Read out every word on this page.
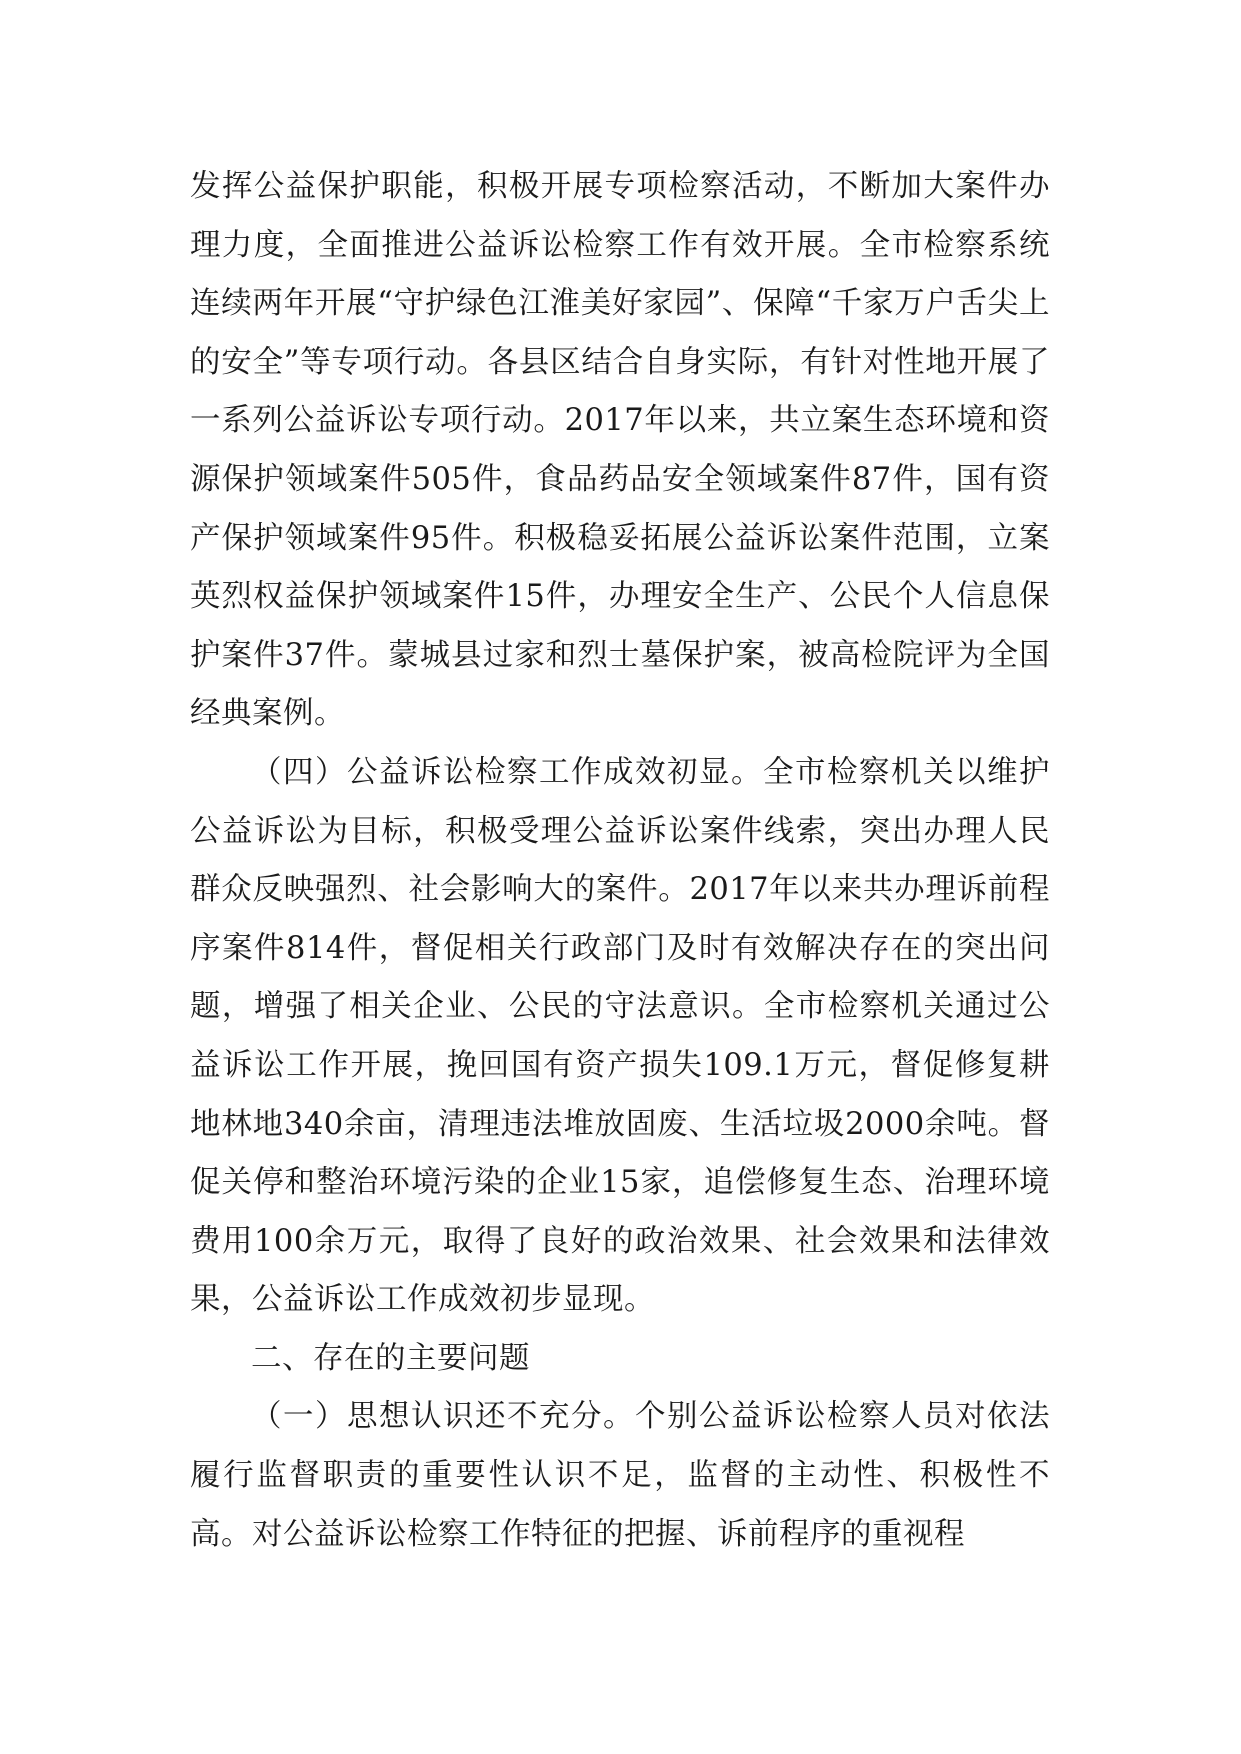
发挥公益保护职能，积极开展专项检察活动，不断加大案件办理力度，全面推进公益诉讼检察工作有效开展。全市检察系统连续两年开展“守护绿色江淮美好家园”、保障“千家万户舌尖上的安全”等专项行动。各县区结合自身实际，有针对性地开展了一系列公益诉讼专项行动。2017年以来，共立案生态环境和资源保护领域案件505件，食品药品安全领域案件87件，国有资产保护领域案件95件。积极稳妥拓展公益诉讼案件范围，立案英烈权益保护领域案件15件，办理安全生产、公民个人信息保护案件37件。蒙城县过家和烈士墓保护案，被高检院评为全国经典案例。

（四）公益诉讼检察工作成效初显。全市检察机关以维护公益诉讼为目标，积极受理公益诉讼案件线索，突出办理人民群众反映强烈、社会影响大的案件。2017年以来共办理诉前程序案件814件，督促相关行政部门及时有效解决存在的突出问题，增强了相关企业、公民的守法意识。全市检察机关通过公益诉讼工作开展，挽回国有资产损失109.1万元，督促修复耕地林地340余亩，清理违法堆放固废、生活垃圾2000余吨。督促关停和整治环境污染的企业15家，追偿修复生态、治理环境费用100余万元，取得了良好的政治效果、社会效果和法律效果，公益诉讼工作成效初步显现。

二、存在的主要问题

（一）思想认识还不充分。个别公益诉讼检察人员对依法履行监督职责的重要性认识不足，监督的主动性、积极性不高。对公益诉讼检察工作特征的把握、诉前程序的重视程
